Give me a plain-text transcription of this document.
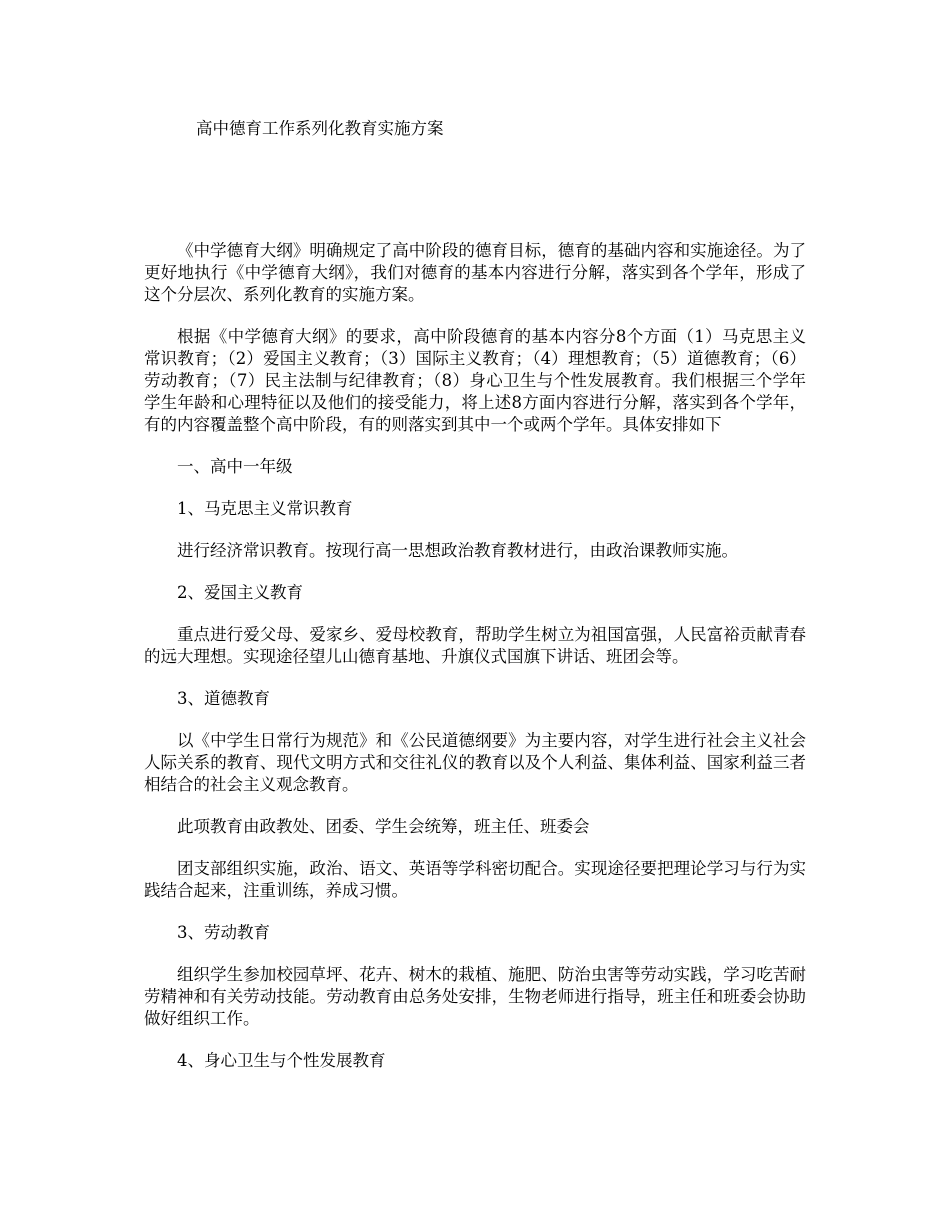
高中德育工作系列化教育实施方案

《中学德育大纲》明确规定了高中阶段的德育目标，德育的基础内容和实施途径。为了更好地执行《中学德育大纲》，我们对德育的基本内容进行分解，落实到各个学年，形成了这个分层次、系列化教育的实施方案。

根据《中学德育大纲》的要求，高中阶段德育的基本内容分8个方面（1）马克思主义常识教育；（2）爱国主义教育；（3）国际主义教育；（4）理想教育；（5）道德教育；（6）劳动教育；（7）民主法制与纪律教育；（8）身心卫生与个性发展教育。我们根据三个学年学生年龄和心理特征以及他们的接受能力，将上述8方面内容进行分解，落实到各个学年，有的内容覆盖整个高中阶段，有的则落实到其中一个或两个学年。具体安排如下

一、高中一年级

1、马克思主义常识教育

进行经济常识教育。按现行高一思想政治教育教材进行，由政治课教师实施。

2、爱国主义教育

重点进行爱父母、爱家乡、爱母校教育，帮助学生树立为祖国富强，人民富裕贡献青春的远大理想。实现途径望儿山德育基地、升旗仪式国旗下讲话、班团会等。

3、道德教育

以《中学生日常行为规范》和《公民道德纲要》为主要内容，对学生进行社会主义社会人际关系的教育、现代文明方式和交往礼仪的教育以及个人利益、集体利益、国家利益三者相结合的社会主义观念教育。

此项教育由政教处、团委、学生会统筹，班主任、班委会

团支部组织实施，政治、语文、英语等学科密切配合。实现途径要把理论学习与行为实践结合起来，注重训练，养成习惯。

3、劳动教育

组织学生参加校园草坪、花卉、树木的栽植、施肥、防治虫害等劳动实践，学习吃苦耐劳精神和有关劳动技能。劳动教育由总务处安排，生物老师进行指导，班主任和班委会协助做好组织工作。

4、身心卫生与个性发展教育
